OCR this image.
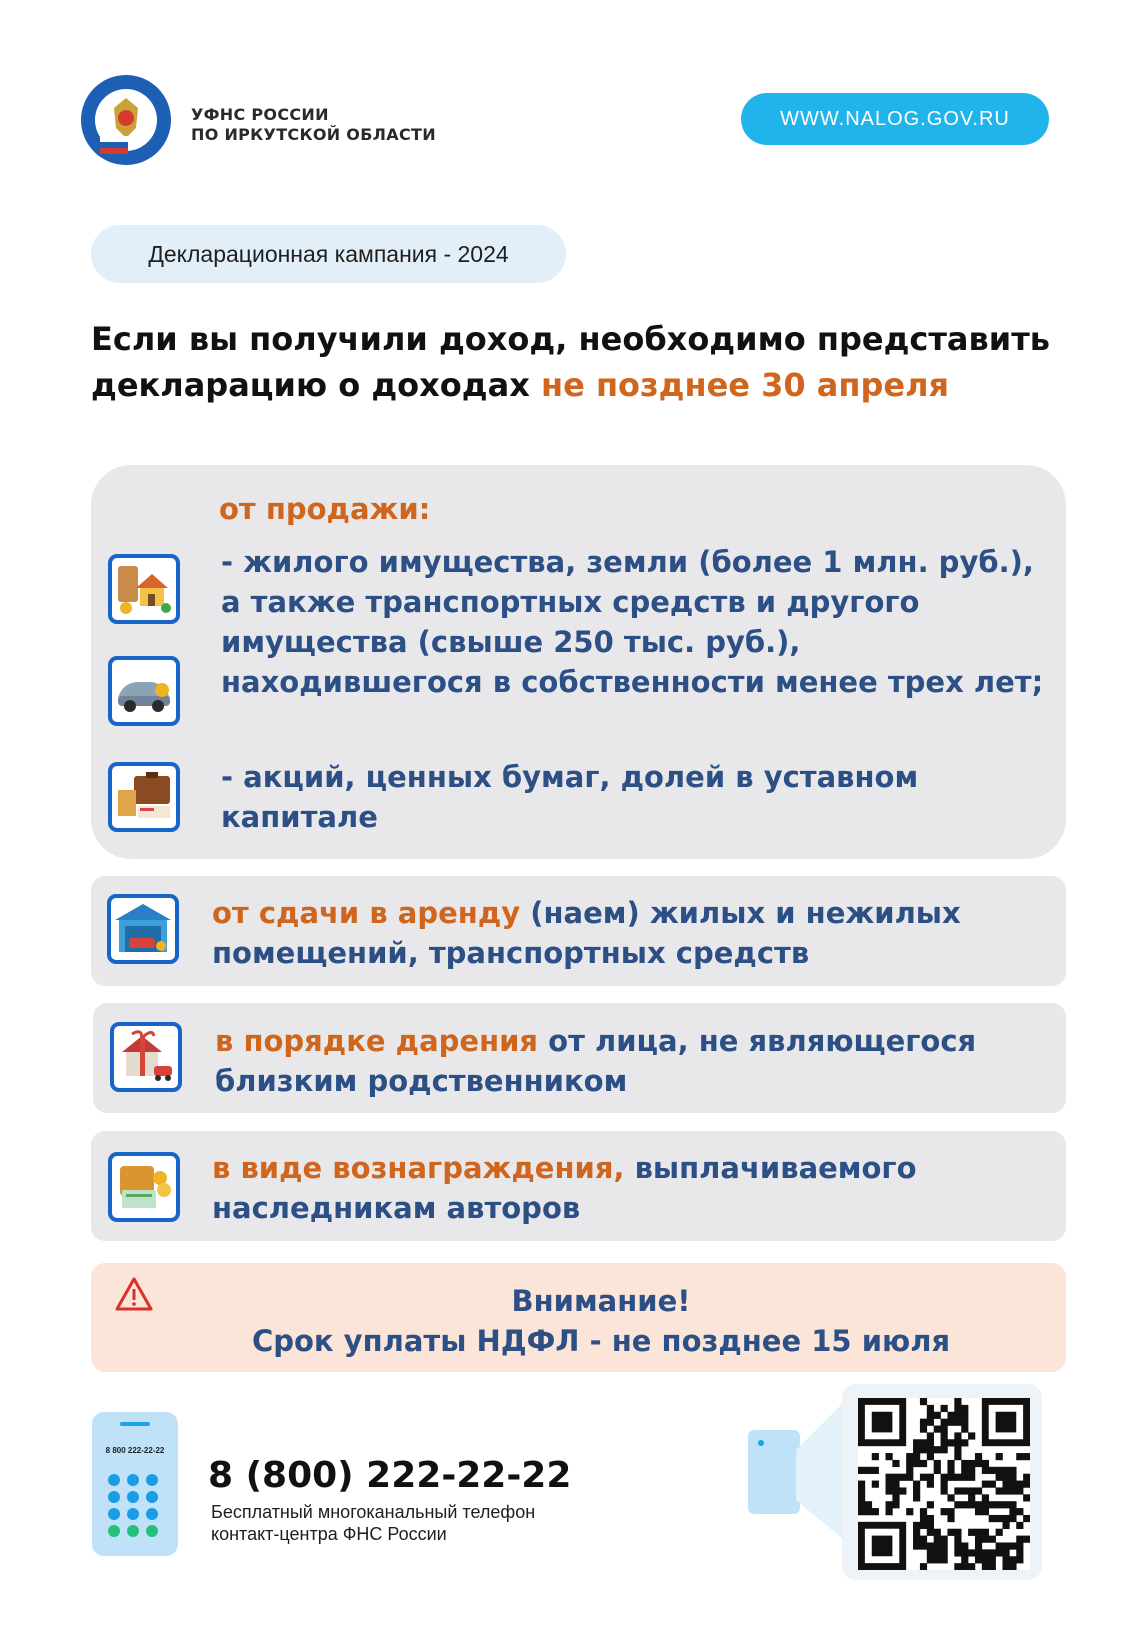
УФНС РОССИИ
ПО ИРКУТСКОЙ ОБЛАСТИ
WWW.NALOG.GOV.RU
Декларационная кампания - 2024
Если вы получили доход, необходимо представить декларацию о доходах не позднее 30 апреля
от продажи:
- жилого имущества, земли (более 1 млн. руб.), а также транспортных средств и другого имущества (свыше 250 тыс. руб.), находившегося в собственности менее трех лет;
- акций, ценных бумаг, долей в уставном капитале
от сдачи в аренду (наем) жилых и нежилых помещений, транспортных средств
в порядке дарения от лица, не являющегося близким родственником
в виде вознаграждения, выплачиваемого наследникам авторов
Внимание!
Срок уплаты НДФЛ - не позднее 15 июля
8 800 222-22-22
8 (800) 222-22-22
Бесплатный многоканальный телефон
контакт-центра ФНС России
